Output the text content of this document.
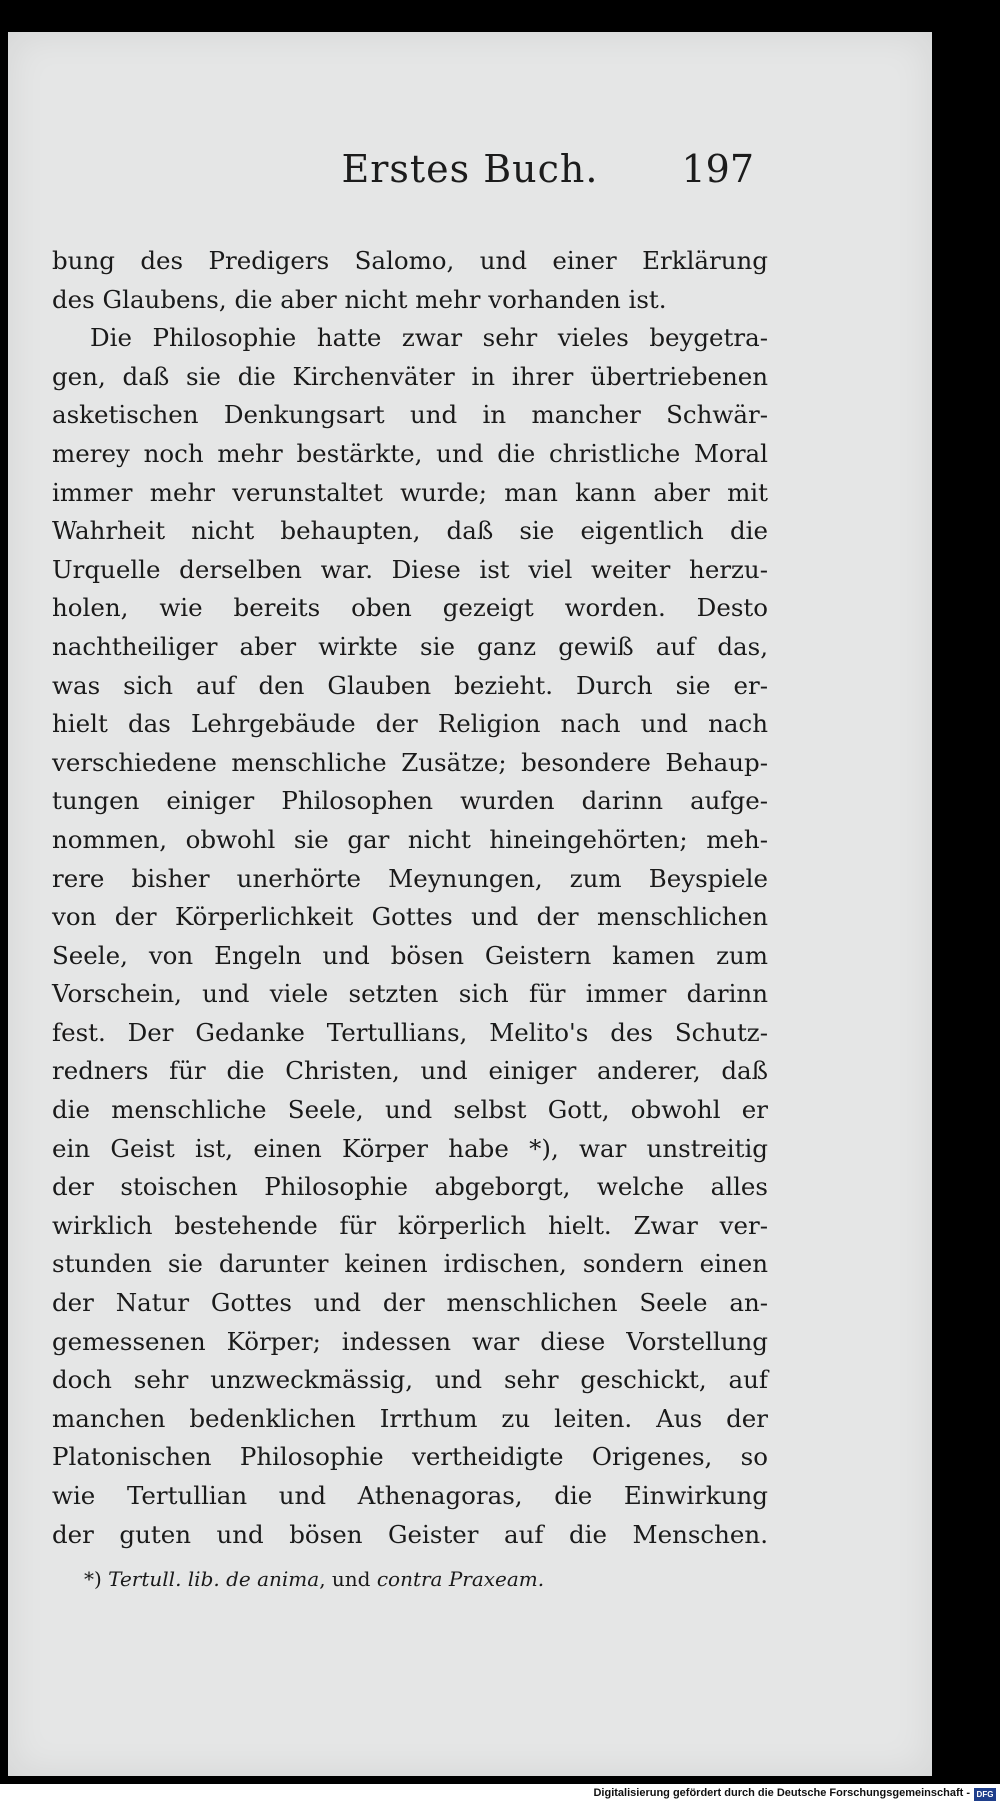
Erstes Buch.	197
bung des Predigers Salomo, und einer Erklärung
des Glaubens, die aber nicht mehr vorhanden ist.
Die Philosophie hatte zwar sehr vieles beygetra-
gen, daß sie die Kirchenväter in ihrer übertriebenen
asketischen Denkungsart und in mancher Schwär-
merey noch mehr bestärkte, und die christliche Moral
immer mehr verunstaltet wurde; man kann aber mit
Wahrheit nicht behaupten, daß sie eigentlich die
Urquelle derselben war. Diese ist viel weiter herzu-
holen, wie bereits oben gezeigt worden. Desto
nachtheiliger aber wirkte sie ganz gewiß auf das,
was sich auf den Glauben bezieht. Durch sie er-
hielt das Lehrgebäude der Religion nach und nach
verschiedene menschliche Zusätze; besondere Behaup-
tungen einiger Philosophen wurden darinn aufge-
nommen, obwohl sie gar nicht hineingehörten; meh-
rere bisher unerhörte Meynungen, zum Beyspiele
von der Körperlichkeit Gottes und der menschlichen
Seele, von Engeln und bösen Geistern kamen zum
Vorschein, und viele setzten sich für immer darinn
fest. Der Gedanke Tertullians, Melito's des Schutz-
redners für die Christen, und einiger anderer, daß
die menschliche Seele, und selbst Gott, obwohl er
ein Geist ist, einen Körper habe *), war unstreitig
der stoischen Philosophie abgeborgt, welche alles
wirklich bestehende für körperlich hielt. Zwar ver-
stunden sie darunter keinen irdischen, sondern einen
der Natur Gottes und der menschlichen Seele an-
gemessenen Körper; indessen war diese Vorstellung
doch sehr unzweckmässig, und sehr geschickt, auf
manchen bedenklichen Irrthum zu leiten. Aus der
Platonischen Philosophie vertheidigte Origenes, so
wie Tertullian und Athenagoras, die Einwirkung
der guten und bösen Geister auf die Menschen.
*) Tertull. lib. de anima, und contra Praxeam.
Digitalisierung gefördert durch die Deutsche Forschungsgemeinschaft - DFG
